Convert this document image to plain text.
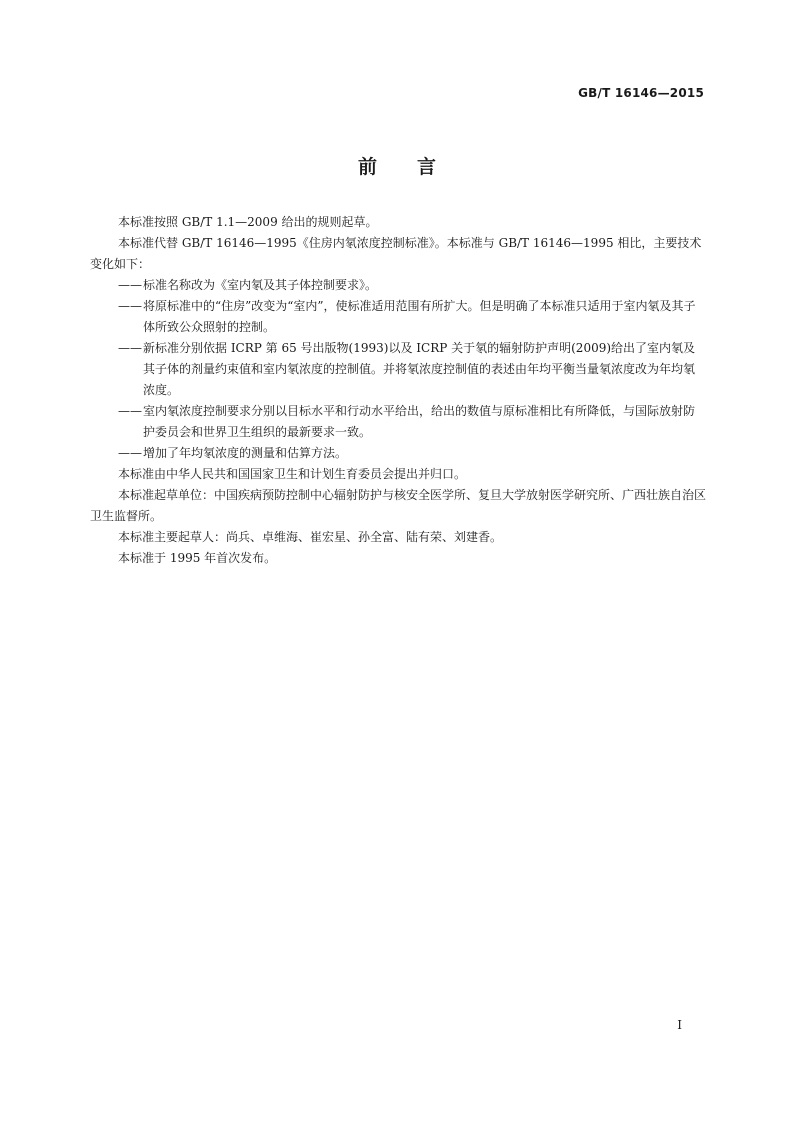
GB/T 16146—2015
前言

本标准按照 GB/T 1.1—2009 给出的规则起草。

本标准代替 GB/T 16146—1995《住房内氡浓度控制标准》。本标准与 GB/T 16146—1995 相比，主要技术变化如下：

—— 标准名称改为《室内氡及其子体控制要求》。

—— 将原标准中的“住房”改变为“室内”，使标准适用范围有所扩大。但是明确了本标准只适用于室内氡及其子体所致公众照射的控制。

—— 新标准分别依据 ICRP 第 65 号出版物(1993)以及 ICRP 关于氡的辐射防护声明(2009)给出了室内氡及其子体的剂量约束值和室内氡浓度的控制值。并将氡浓度控制值的表述由年均平衡当量氡浓度改为年均氡浓度。

—— 室内氡浓度控制要求分别以目标水平和行动水平给出，给出的数值与原标准相比有所降低，与国际放射防护委员会和世界卫生组织的最新要求一致。

—— 增加了年均氡浓度的测量和估算方法。

本标准由中华人民共和国国家卫生和计划生育委员会提出并归口。

本标准起草单位：中国疾病预防控制中心辐射防护与核安全医学所、复旦大学放射医学研究所、广西壮族自治区卫生监督所。

本标准主要起草人：尚兵、卓维海、崔宏星、孙全富、陆有荣、刘建香。

本标准于 1995 年首次发布。

I
